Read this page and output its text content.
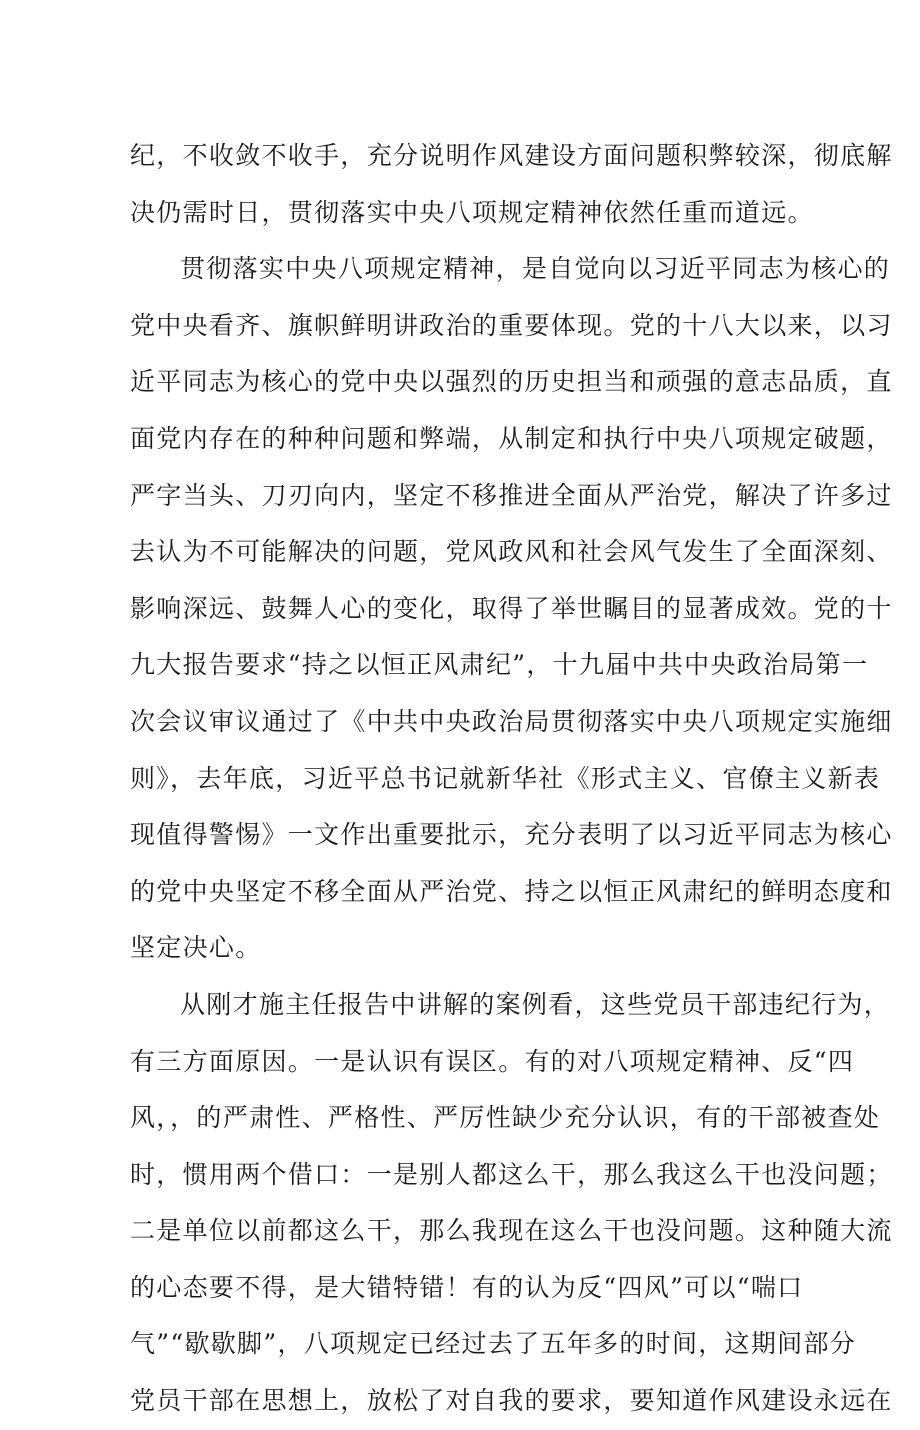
纪，不收敛不收手，充分说明作风建设方面问题积弊较深，彻底解
决仍需时日，贯彻落实中央八项规定精神依然任重而道远。
贯彻落实中央八项规定精神，是自觉向以习近平同志为核心的
党中央看齐、旗帜鲜明讲政治的重要体现。党的十八大以来，以习
近平同志为核心的党中央以强烈的历史担当和顽强的意志品质，直
面党内存在的种种问题和弊端，从制定和执行中央八项规定破题，
严字当头、刀刃向内，坚定不移推进全面从严治党，解决了许多过
去认为不可能解决的问题，党风政风和社会风气发生了全面深刻、
影响深远、鼓舞人心的变化，取得了举世瞩目的显著成效。党的十
九大报告要求“持之以恒正风肃纪”，十九届中共中央政治局第一
次会议审议通过了《中共中央政治局贯彻落实中央八项规定实施细
则》，去年底，习近平总书记就新华社《形式主义、官僚主义新表
现值得警惕》一文作出重要批示，充分表明了以习近平同志为核心
的党中央坚定不移全面从严治党、持之以恒正风肃纪的鲜明态度和
坚定决心。
从刚才施主任报告中讲解的案例看，这些党员干部违纪行为，
有三方面原因。一是认识有误区。有的对八项规定精神、反“四
风，，的严肃性、严格性、严厉性缺少充分认识，有的干部被查处
时，惯用两个借口：一是别人都这么干，那么我这么干也没问题；
二是单位以前都这么干，那么我现在这么干也没问题。这种随大流
的心态要不得，是大错特错！有的认为反“四风”可以“喘口
气”“歇歇脚”，八项规定已经过去了五年多的时间，这期间部分
党员干部在思想上，放松了对自我的要求，要知道作风建设永远在
